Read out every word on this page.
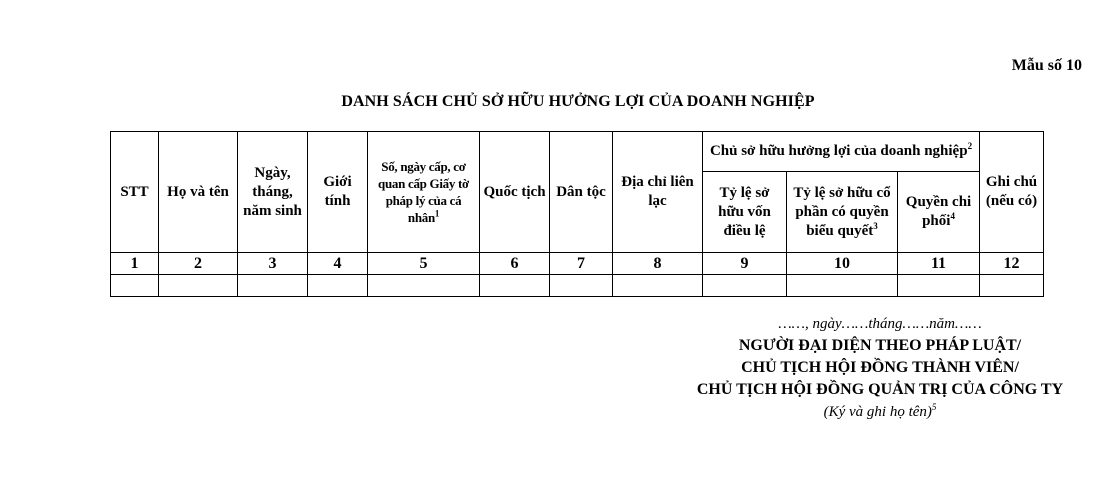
Mẫu số 10
DANH SÁCH CHỦ SỞ HỮU HƯỞNG LỢI CỦA DOANH NGHIỆP
STT	Họ và tên	Ngày, tháng, năm sinh	Giới tính	Số, ngày cấp, cơ quan cấp Giấy tờ pháp lý của cá nhân$^1$	Quốc tịch	Dân tộc	Địa chỉ liên lạc	Chủ sở hữu hưởng lợi của doanh nghiệp$^2$			Ghi chú (nếu có)
								Tỷ lệ sở hữu vốn điều lệ	Tỷ lệ sở hữu cổ phần có quyền biểu quyết$^3$	Quyền chi phối$^4$
1	2	3	4	5	6	7	8	9	10	11	12

……, ngày……tháng……năm……
NGƯỜI ĐẠI DIỆN THEO PHÁP LUẬT/
CHỦ TỊCH HỘI ĐỒNG THÀNH VIÊN/
CHỦ TỊCH HỘI ĐỒNG QUẢN TRỊ CỦA CÔNG TY
(Ký và ghi họ tên)$^5$
